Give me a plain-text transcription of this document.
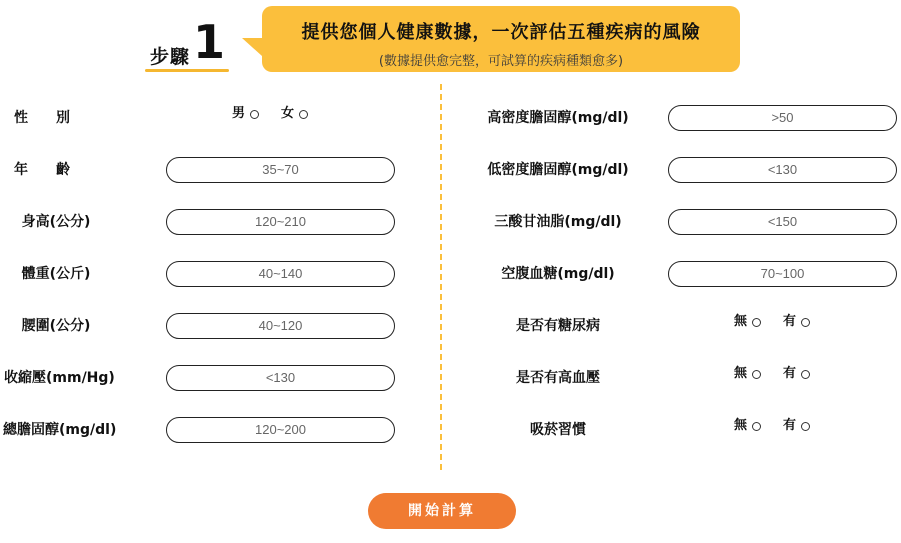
步驟 1	提供您個人健康數據，一次評估五種疾病的風險
(數據提供愈完整，可試算的疾病種類愈多)
性　　別	男	女
年　　齡	35~70
身高(公分)	120~210
體重(公斤)	40~140
腰圍(公分)	40~120
收縮壓(mm/Hg)	<130
總膽固醇(mg/dl)	120~200
高密度膽固醇(mg/dl)	>50
低密度膽固醇(mg/dl)	<130
三酸甘油脂(mg/dl)	<150
空腹血糖(mg/dl)	70~100
是否有糖尿病	無	有
是否有高血壓	無	有
吸菸習慣	無	有
開始計算
